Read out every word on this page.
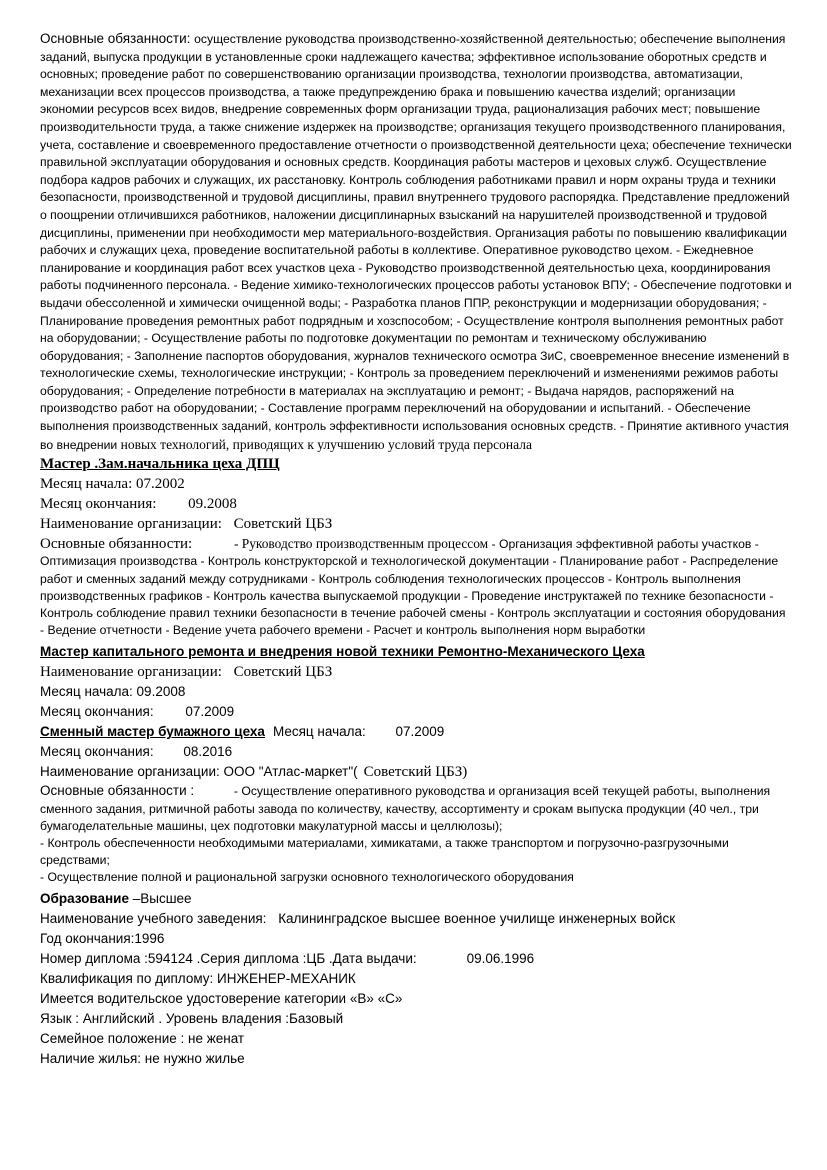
Основные обязанности: осуществление руководства производственно-хозяйственной деятельностью; обеспечение выполнения заданий, выпуска продукции в установленные сроки надлежащего качества; эффективное использование оборотных средств и основных; проведение работ по совершенствованию организации производства, технологии производства, автоматизации, механизации всех процессов производства, а также предупреждению брака и повышению качества изделий; организации экономии ресурсов всех видов, внедрение современных форм организации труда, рационализация рабочих мест; повышение производительности труда, а также снижение издержек на производстве; организация текущего производственного планирования, учета, составление и своевременного предоставление отчетности о производственной деятельности цеха; обеспечение технически правильной эксплуатации оборудования и основных средств. Координация работы мастеров и цеховых служб. Осуществление подбора кадров рабочих и служащих, их расстановку. Контроль соблюдения работниками правил и норм охраны труда и техники безопасности, производственной и трудовой дисциплины, правил внутреннего трудового распорядка. Представление предложений о поощрении отличившихся работников, наложении дисциплинарных взысканий на нарушителей производственной и трудовой дисциплины, применении при необходимости мер материального-воздействия. Организация работы по повышению квалификации рабочих и служащих цеха, проведение воспитательной работы в коллективе. Оперативное руководство цехом. - Ежедневное планирование и координация работ всех участков цеха - Руководство производственной деятельностью цеха, координирования работы подчиненного персонала. - Ведение химико-технологических процессов работы установок ВПУ; - Обеспечение подготовки и выдачи обессоленной и химически очищенной воды; - Разработка планов ППР, реконструкции и модернизации оборудования; - Планирование проведения ремонтных работ подрядным и хозспособом; - Осуществление контроля выполнения ремонтных работ на оборудовании; - Осуществление работы по подготовке документации по ремонтам и техническому обслуживанию оборудования; - Заполнение паспортов оборудования, журналов технического осмотра ЗиС, своевременное внесение изменений в технологические схемы, технологические инструкции; - Контроль за проведением переключений и изменениями режимов работы оборудования; - Определение потребности в материалах на эксплуатацию и ремонт; - Выдача нарядов, распоряжений на производство работ на оборудовании; - Составление программ переключений на оборудовании и испытаний. - Обеспечение выполнения производственных заданий, контроль эффективности использования основных средств. - Принятие активного участия во внедрении новых технологий, приводящих к улучшению условий труда персонала

Мастер .Зам.начальника цеха ДПЦ

Месяц начала: 07.2002

Месяц окончания: 09.2008

Наименование организации: Советский ЦБЗ

Основные обязанности:	- Руководство производственным процессом - Организация эффективной работы участков - Оптимизация производства - Контроль конструкторской и технологической документации - Планирование работ - Распределение работ и сменных заданий между сотрудниками - Контроль соблюдения технологических процессов - Контроль выполнения производственных графиков - Контроль качества выпускаемой продукции - Проведение инструктажей по технике безопасности - Контроль соблюдение правил техники безопасности в течение рабочей смены - Контроль эксплуатации и состояния оборудования - Ведение отчетности - Ведение учета рабочего времени - Расчет и контроль выполнения норм выработки

Мастер капитального ремонта и внедрения новой техники Ремонтно-Механического Цеха

Наименование организации: Советский ЦБЗ

Месяц начала: 09.2008

Месяц окончания: 07.2009

Сменный мастер бумажного цеха Месяц начала: 07.2009

Месяц окончания: 08.2016

Наименование организации: ООО "Атлас-маркет"( Советский ЦБЗ)

Основные обязанности :	- Осуществление оперативного руководства и организация всей текущей работы, выполнения сменного задания, ритмичной работы завода по количеству, качеству, ассортименту и срокам выпуска продукции (40 чел., три бумагоделательные машины, цех подготовки макулатурной массы и целлюлозы);

- Контроль обеспеченности необходимыми материалами, химикатами, а также транспортом и погрузочно-разгрузочными средствами;

- Осуществление полной и рациональной загрузки основного технологического оборудования

Образование –Высшее

Наименование учебного заведения: Калининградское высшее военное училище инженерных войск

Год окончания:1996

Номер диплома :594124 .Серия диплома :ЦБ .Дата выдачи:	09.06.1996

Квалификация по диплому: ИНЖЕНЕР-МЕХАНИК

Имеется водительское удостоверение категории «B» «C»

Язык : Английский . Уровень владения :Базовый

Семейное положение : не женат

Наличие жилья: не нужно жилье
